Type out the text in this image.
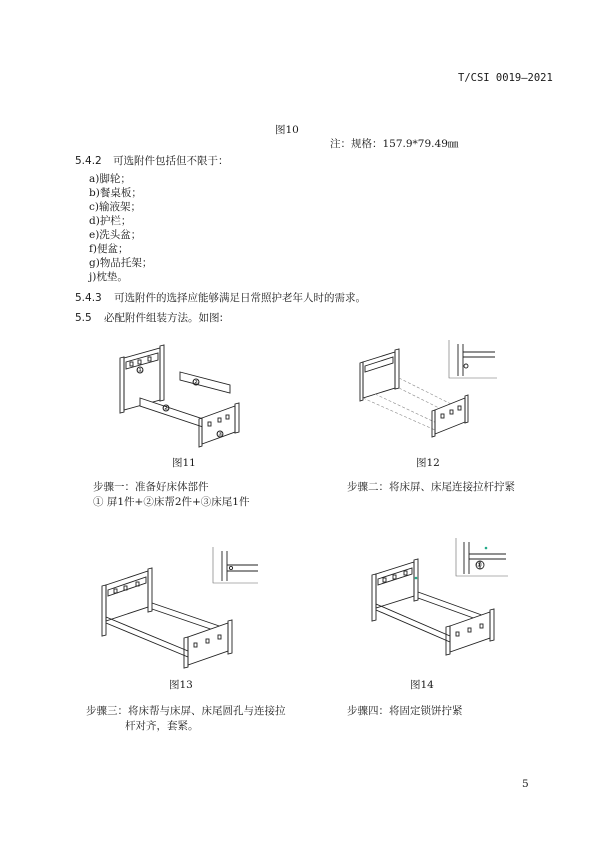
T/CSI 0019—2021
图10
注：规格：157.9*79.49㎜
5.4.2 可选附件包括但不限于：
a)脚轮；
b)餐桌板；
c)输液架；
d)护栏；
e)洗头盆；
f)便盆；
g)物品托架；
j)枕垫。
5.4.3 可选附件的选择应能够满足日常照护老年人时的需求。
5.5 必配附件组装方法。如图:
①
②
②
③
图11
步骤一：准备好床体部件
① 屏1件+②床帮2件+③床尾1件
图12
步骤二：将床屏、床尾连接拉杆拧紧
图13
步骤三：将床帮与床屏、床尾圆孔与连接拉
杆对齐，套紧。
①
图14
步骤四：将固定锁饼拧紧
5
